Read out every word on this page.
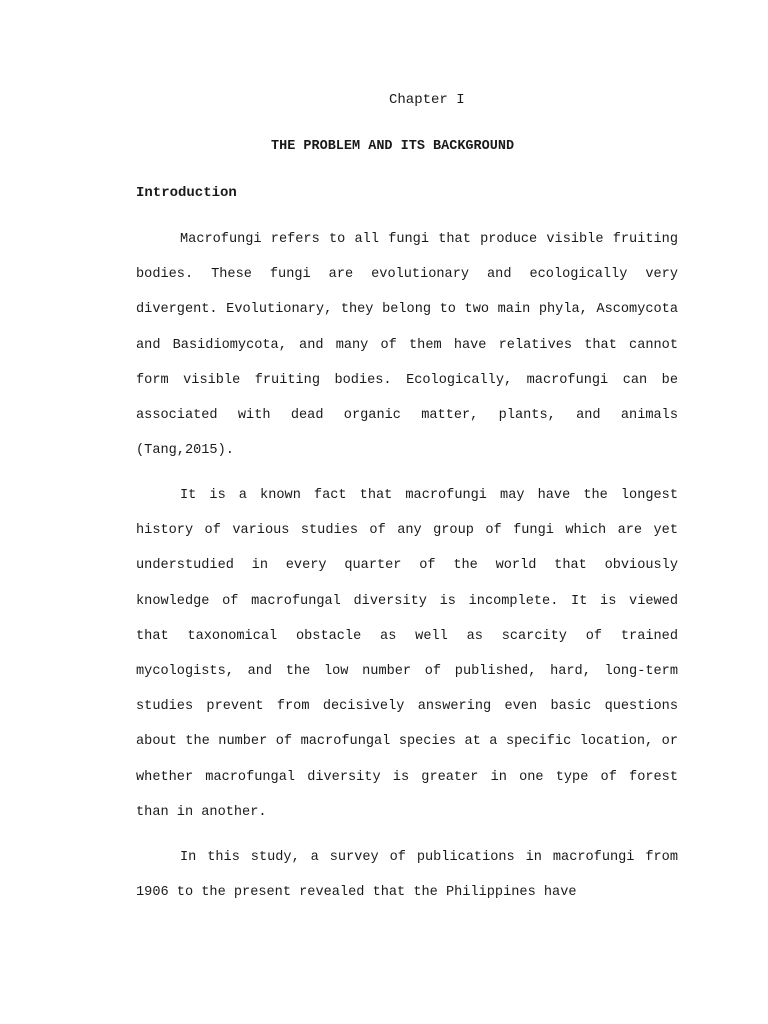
Chapter I
THE PROBLEM AND ITS BACKGROUND
Introduction

Macrofungi refers to all fungi that produce visible fruiting bodies. These fungi are evolutionary and ecologically very divergent. Evolutionary, they belong to two main phyla, Ascomycota and Basidiomycota, and many of them have relatives that cannot form visible fruiting bodies. Ecologically, macrofungi can be associated with dead organic matter, plants, and animals (Tang,2015).

It is a known fact that macrofungi may have the longest history of various studies of any group of fungi which are yet understudied in every quarter of the world that obviously knowledge of macrofungal diversity is incomplete. It is viewed that taxonomical obstacle as well as scarcity of trained mycologists, and the low number of published, hard, long-term studies prevent from decisively answering even basic questions about the number of macrofungal species at a specific location, or whether macrofungal diversity is greater in one type of forest than in another.

In this study, a survey of publications in macrofungi from 1906 to the present revealed that the Philippines have
